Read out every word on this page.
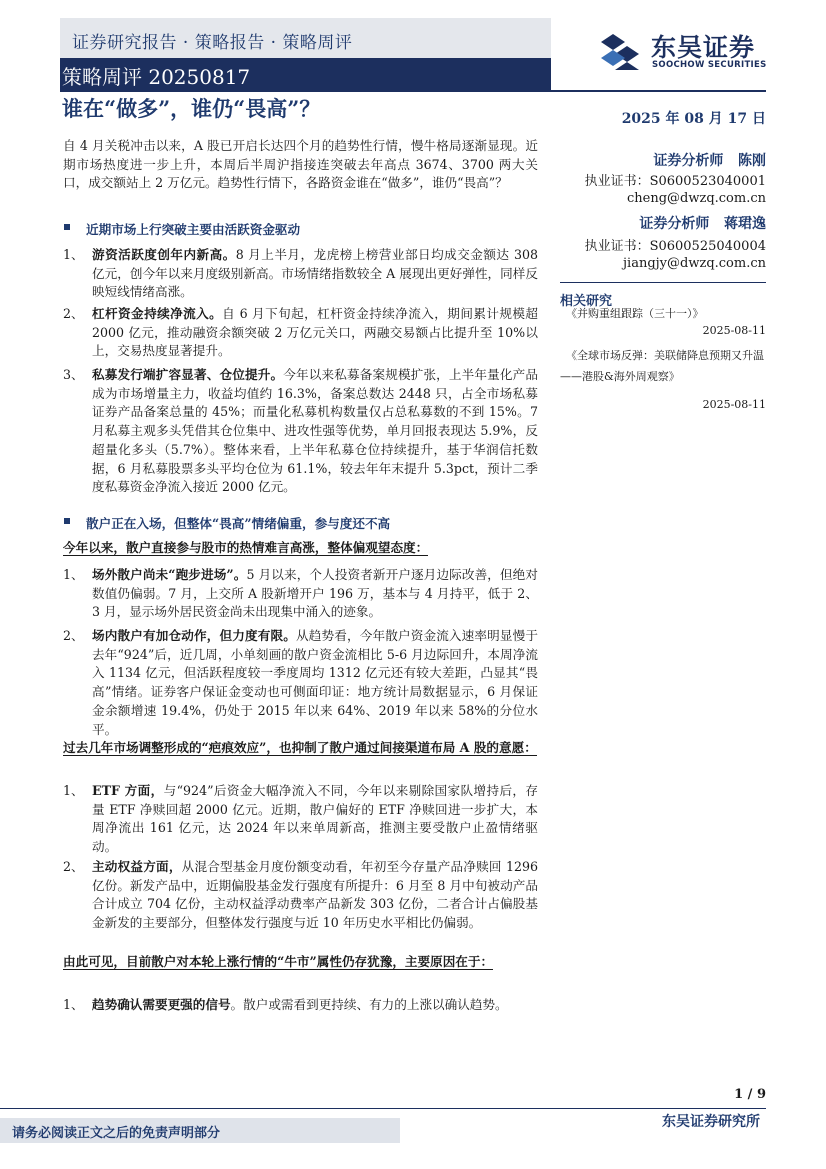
证券研究报告 · 策略报告 · 策略周评
策略周评 20250817
东吴证券
SOOCHOW SECURITIES
谁在“做多”，谁仍“畏高”？	2025 年 08 月 17 日
证券分析师 陈刚
执业证书：S0600523040001
cheng@dwzq.com.cn
证券分析师 蒋珺逸
执业证书：S0600525040004
jiangjy@dwzq.com.cn
相关研究
《并购重组跟踪（三十一）》
2025-08-11
《全球市场反弹：美联储降息预期又升温——港股&海外周观察》
2025-08-11
自 4 月关税冲击以来，A 股已开启长达四个月的趋势性行情，慢牛格局逐渐显现。近期市场热度进一步上升，本周后半周沪指接连突破去年高点 3674、3700 两大关口，成交额站上 2 万亿元。趋势性行情下，各路资金谁在“做多”，谁仍“畏高”？
近期市场上行突破主要由活跃资金驱动
1、 游资活跃度创年内新高。8 月上半月，龙虎榜上榜营业部日均成交金额达 308 亿元，创今年以来月度级别新高。市场情绪指数较全 A 展现出更好弹性，同样反映短线情绪高涨。
2、 杠杆资金持续净流入。自 6 月下旬起，杠杆资金持续净流入，期间累计规模超 2000 亿元，推动融资余额突破 2 万亿元关口，两融交易额占比提升至 10%以上，交易热度显著提升。
3、 私募发行端扩容显著、仓位提升。今年以来私募备案规模扩张，上半年量化产品成为市场增量主力，收益均值约 16.3%，备案总数达 2448 只，占全市场私募证券产品备案总量的 45%；而量化私募机构数量仅占总私募数的不到 15%。7 月私募主观多头凭借其仓位集中、进攻性强等优势，单月回报表现达 5.9%，反超量化多头（5.7%）。整体来看，上半年私募仓位持续提升，基于华润信托数据，6 月私募股票多头平均仓位为 61.1%，较去年年末提升 5.3pct，预计二季度私募资金净流入接近 2000 亿元。
散户正在入场，但整体“畏高”情绪偏重，参与度还不高
今年以来，散户直接参与股市的热情难言高涨，整体偏观望态度：
1、 场外散户尚未“跑步进场”。5 月以来，个人投资者新开户逐月边际改善，但绝对数值仍偏弱。7 月，上交所 A 股新增开户 196 万，基本与 4 月持平，低于 2、3 月，显示场外居民资金尚未出现集中涌入的迹象。
2、 场内散户有加仓动作，但力度有限。从趋势看，今年散户资金流入速率明显慢于去年“924”后，近几周，小单刻画的散户资金流相比 5-6 月边际回升，本周净流入 1134 亿元，但活跃程度较一季度周均 1312 亿元还有较大差距，凸显其“畏高”情绪。证券客户保证金变动也可侧面印证：地方统计局数据显示，6 月保证金余额增速 19.4%，仍处于 2015 年以来 64%、2019 年以来 58%的分位水平。
过去几年市场调整形成的“疤痕效应”，也抑制了散户通过间接渠道布局 A 股的意愿：
1、 ETF 方面，与“924”后资金大幅净流入不同，今年以来剔除国家队增持后，存量 ETF 净赎回超 2000 亿元。近期，散户偏好的 ETF 净赎回进一步扩大，本周净流出 161 亿元，达 2024 年以来单周新高，推测主要受散户止盈情绪驱动。
2、 主动权益方面，从混合型基金月度份额变动看，年初至今存量产品净赎回 1296 亿份。新发产品中，近期偏股基金发行强度有所提升：6 月至 8 月中旬被动产品合计成立 704 亿份，主动权益浮动费率产品新发 303 亿份，二者合计占偏股基金新发的主要部分，但整体发行强度与近 10 年历史水平相比仍偏弱。
由此可见，目前散户对本轮上涨行情的“牛市”属性仍存犹豫，主要原因在于：
1、 趋势确认需要更强的信号。散户或需看到更持续、有力的上涨以确认趋势。
1 / 9
请务必阅读正文之后的免责声明部分
东吴证券研究所
